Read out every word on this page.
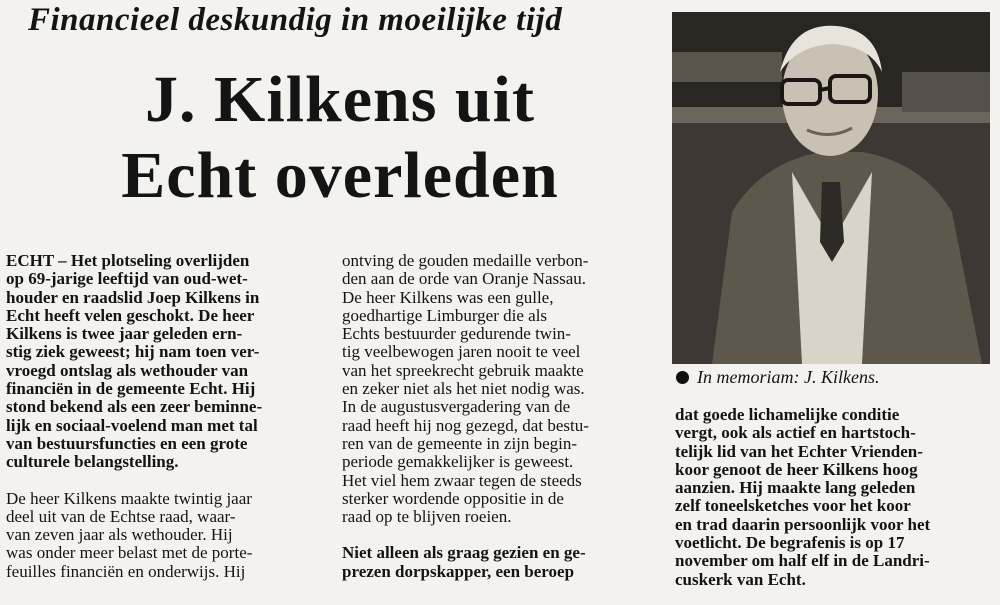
Financieel deskundig in moeilijke tijd
J. Kilkens uit
Echt overleden
In memoriam: J. Kilkens.

ECHT – Het plotseling overlijden

op 69-jarige leeftijd van oud-wet-

houder en raadslid Joep Kilkens in

Echt heeft velen geschokt. De heer

Kilkens is twee jaar geleden ern-

stig ziek geweest; hij nam toen ver-

vroegd ontslag als wethouder van

financiën in de gemeente Echt. Hij

stond bekend als een zeer beminne-

lijk en sociaal-voelend man met tal

van bestuursfuncties en een grote

culturele belangstelling.

De heer Kilkens maakte twintig jaar

deel uit van de Echtse raad, waar-

van zeven jaar als wethouder. Hij

was onder meer belast met de porte-

feuilles financiën en onderwijs. Hij

ontving de gouden medaille verbon-

den aan de orde van Oranje Nassau.

De heer Kilkens was een gulle,

goedhartige Limburger die als

Echts bestuurder gedurende twin-

tig veelbewogen jaren nooit te veel

van het spreekrecht gebruik maakte

en zeker niet als het niet nodig was.

In de augustusvergadering van de

raad heeft hij nog gezegd, dat bestu-

ren van de gemeente in zijn begin-

periode gemakkelijker is geweest.

Het viel hem zwaar tegen de steeds

sterker wordende oppositie in de

raad op te blijven roeien.

Niet alleen als graag gezien en ge-

prezen dorpskapper, een beroep

dat goede lichamelijke conditie

vergt, ook als actief en hartstoch-

telijk lid van het Echter Vrienden-

koor genoot de heer Kilkens hoog

aanzien. Hij maakte lang geleden

zelf toneelsketches voor het koor

en trad daarin persoonlijk voor het

voetlicht. De begrafenis is op 17

november om half elf in de Landri-

cuskerk van Echt.
